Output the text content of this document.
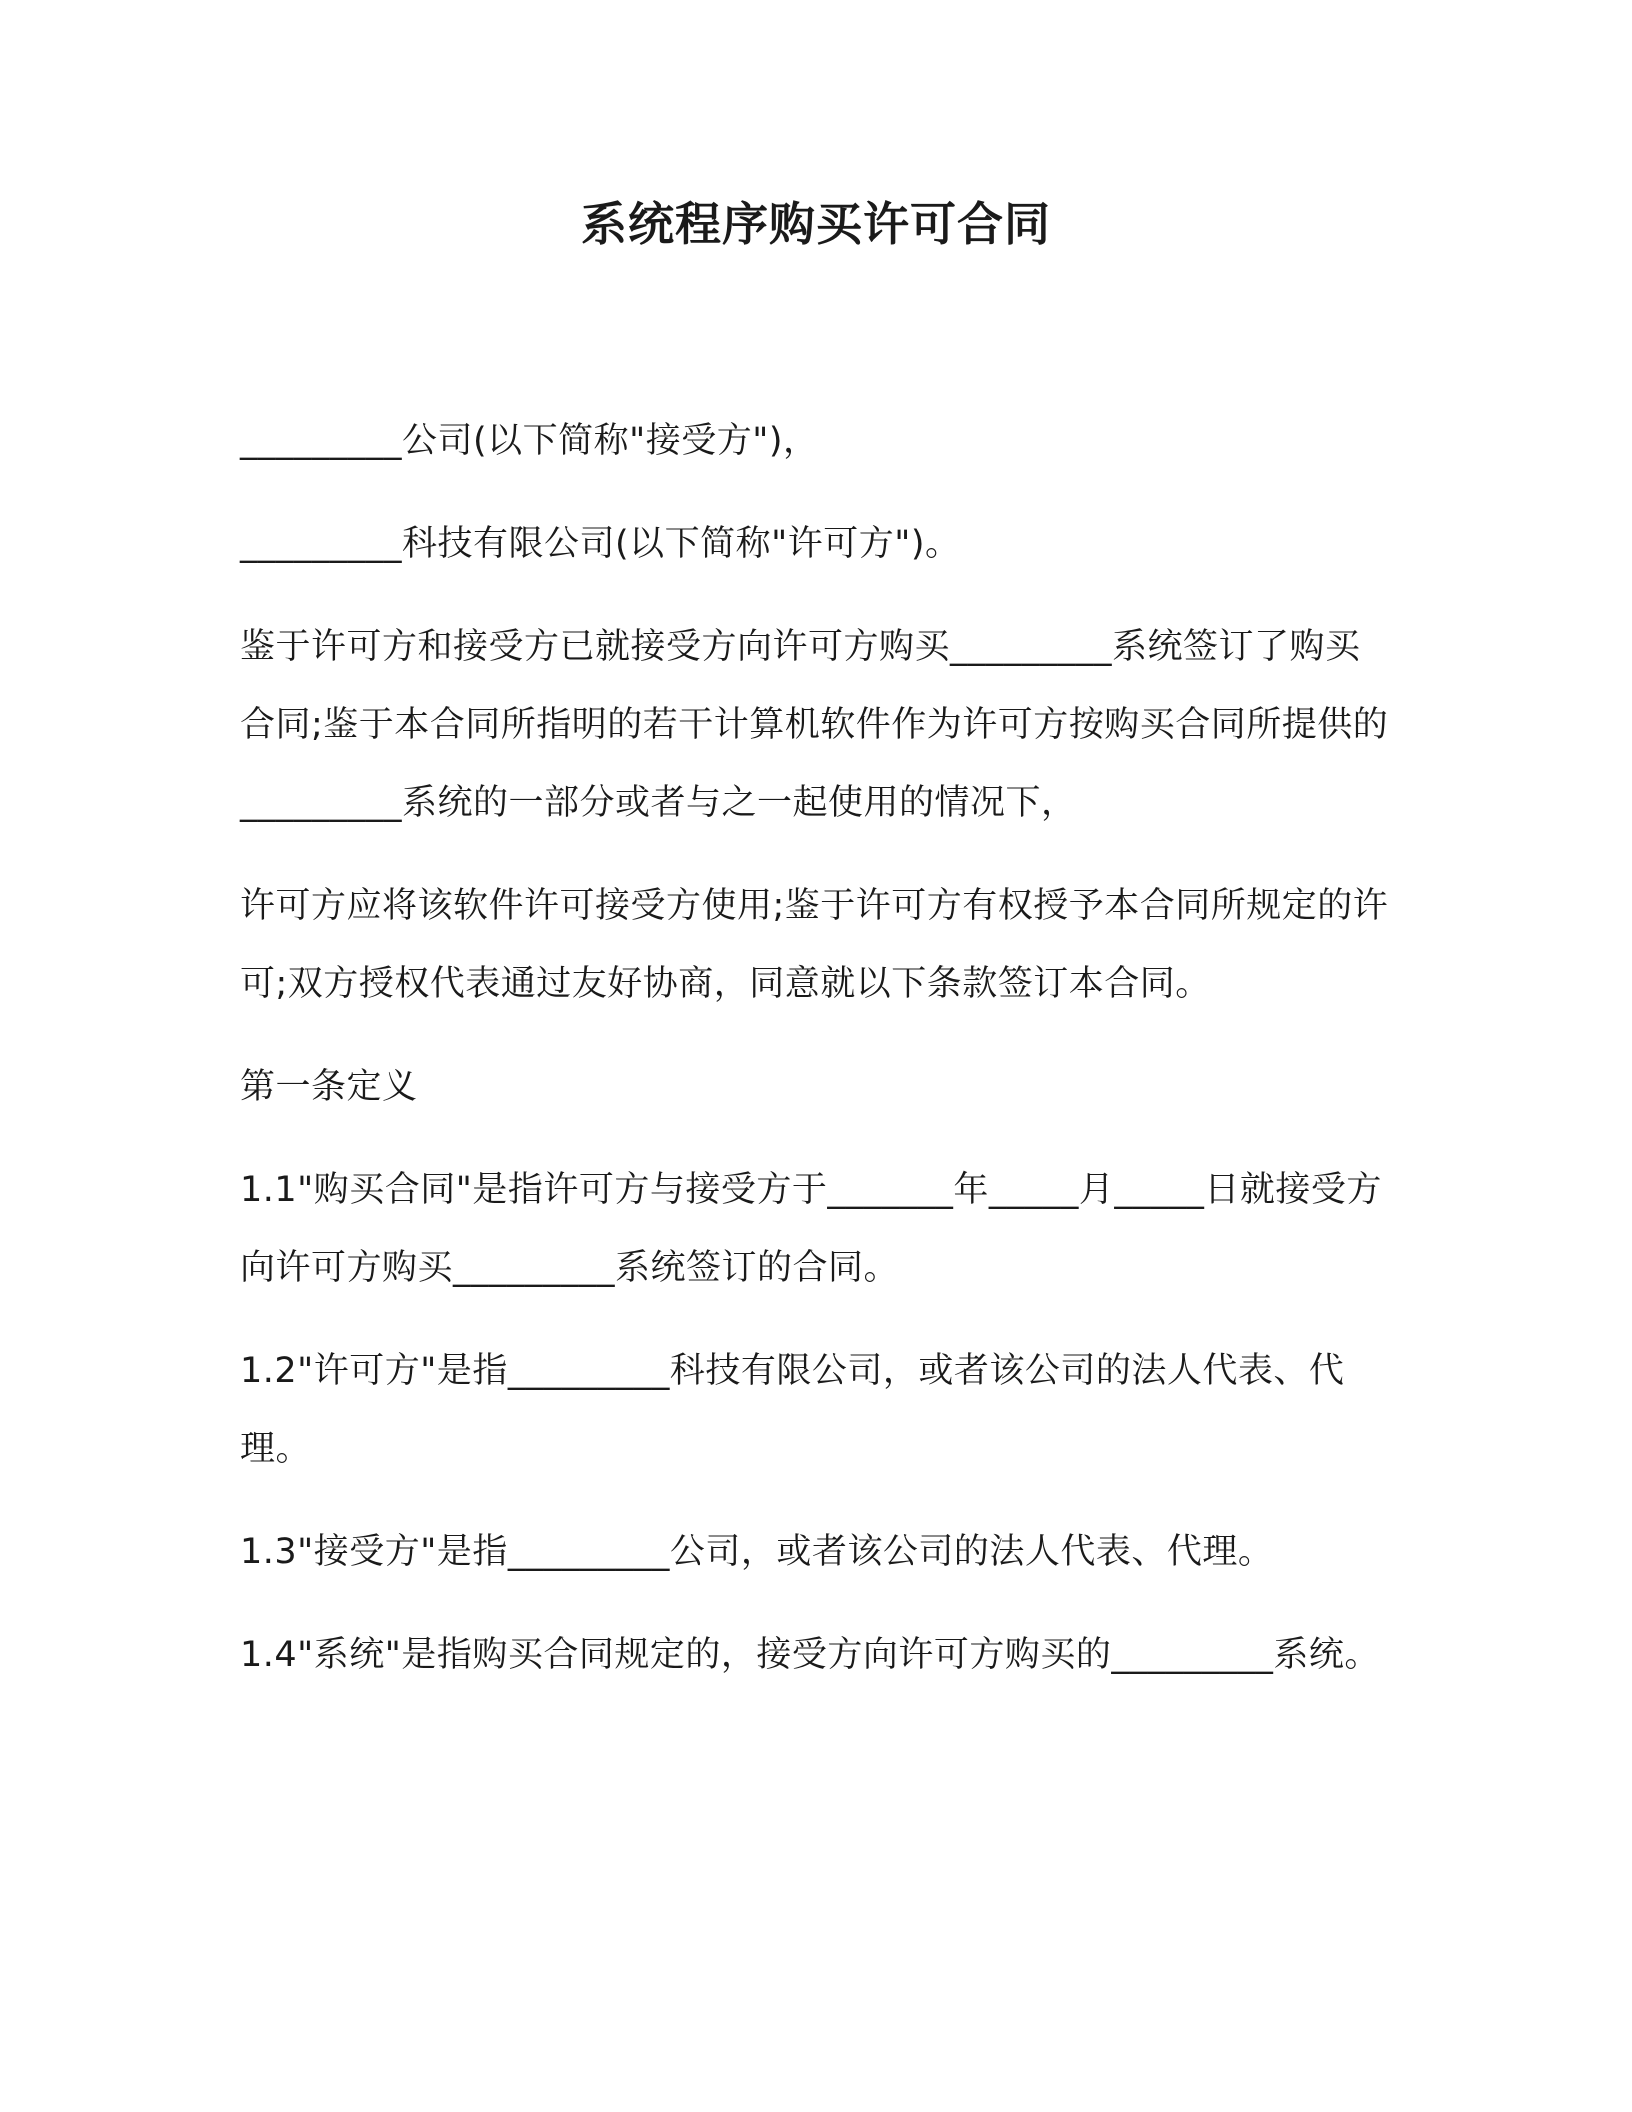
系统程序购买许可合同

_________公司(以下简称"接受方")，

_________科技有限公司(以下简称"许可方")。

鉴于许可方和接受方已就接受方向许可方购买_________系统签订了购买合同;鉴于本合同所指明的若干计算机软件作为许可方按购买合同所提供的_________系统的一部分或者与之一起使用的情况下，

许可方应将该软件许可接受方使用;鉴于许可方有权授予本合同所规定的许可;双方授权代表通过友好协商，同意就以下条款签订本合同。

第一条定义

1.1"购买合同"是指许可方与接受方于_______年_____月_____日就接受方向许可方购买_________系统签订的合同。

1.2"许可方"是指_________科技有限公司，或者该公司的法人代表、代理。

1.3"接受方"是指_________公司，或者该公司的法人代表、代理。

1.4"系统"是指购买合同规定的，接受方向许可方购买的_________系统。
